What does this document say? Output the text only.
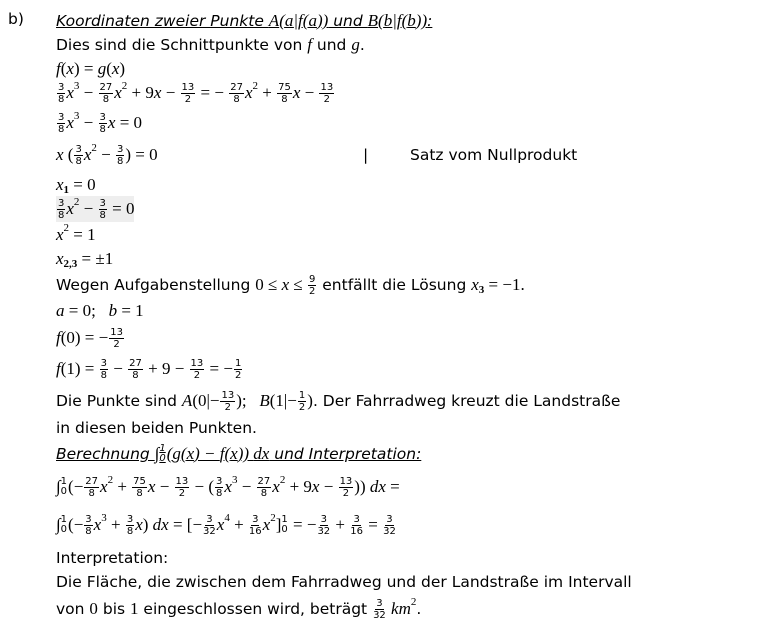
b) Koordinaten zweier Punkte A ( a | f ( a )) und B ( b | f ( b )) :
Dies sind die Schnittpunkte von f und g .
f ( x ) = g ( x )
$\frac{3}{8}$ x $3 - \frac{27}{8}$ x 2 + 9 $x - \frac{13}{2}$ = − $\frac{27}{8}$ x $2 + \frac{75}{8}$ $x - \frac{13}{2}$
$\frac{3}{8}$ x $3 - \frac{3}{8}$ x = 0
x ( $\frac{3}{8}$ x $2 - \frac{3}{8}$ ) = 0
x 1 = 0
$\frac{3}{8}$ x $2 - \frac{3}{8} = 0$
x 2 = 1
x 2,3 = ±1
Wegen Aufgabenstellung $0 \le x \le \frac{9}{2}$ entfällt die Lösung x 3 = −1.
a = 0; b = 1
f (0) = − $\frac{13}{2}$
f $(1) = \frac{3}{8} - \frac{27}{8} + 9 - \frac{13}{2}$ = − $\frac{1}{2}$
Die Punkte sind A ($0|- \frac{13}{2}$ ); B ($1|- \frac{1}{2}$ ) . Der Fahrradweg kreuzt die Landstraße
in diesen beiden Punkten.
Berechnung ∫ 1
0 ( g ( x ) − f ( x )) dx und Interpretation:
∫ 1
0 (− $\frac{27}{8}$ x $2 + \frac{75}{8}$ $x - \frac{13}{2}$ − ( $\frac{3}{8}$ x $3 - \frac{27}{8}$ x 2 + 9 $x - \frac{13}{2}$ )) dx =
∫ 1
0 (− $\frac{3}{8}$ x $3 + \frac{3}{8}$ x ) dx = [− $\frac{3}{32}$ x $4 + \frac{3}{16}$ x 2 ] 1
0 = − $\frac{3}{32} + \frac{3}{16} = \frac{3}{32}$
Interpretation:
Die Fläche, die zwischen dem Fahrradweg und der Landstraße im Intervall
von 0 bis 1 eingeschlossen wird, beträgt $\frac{3}{32}$ km 2 .
|	Satz vom Nullprodukt
